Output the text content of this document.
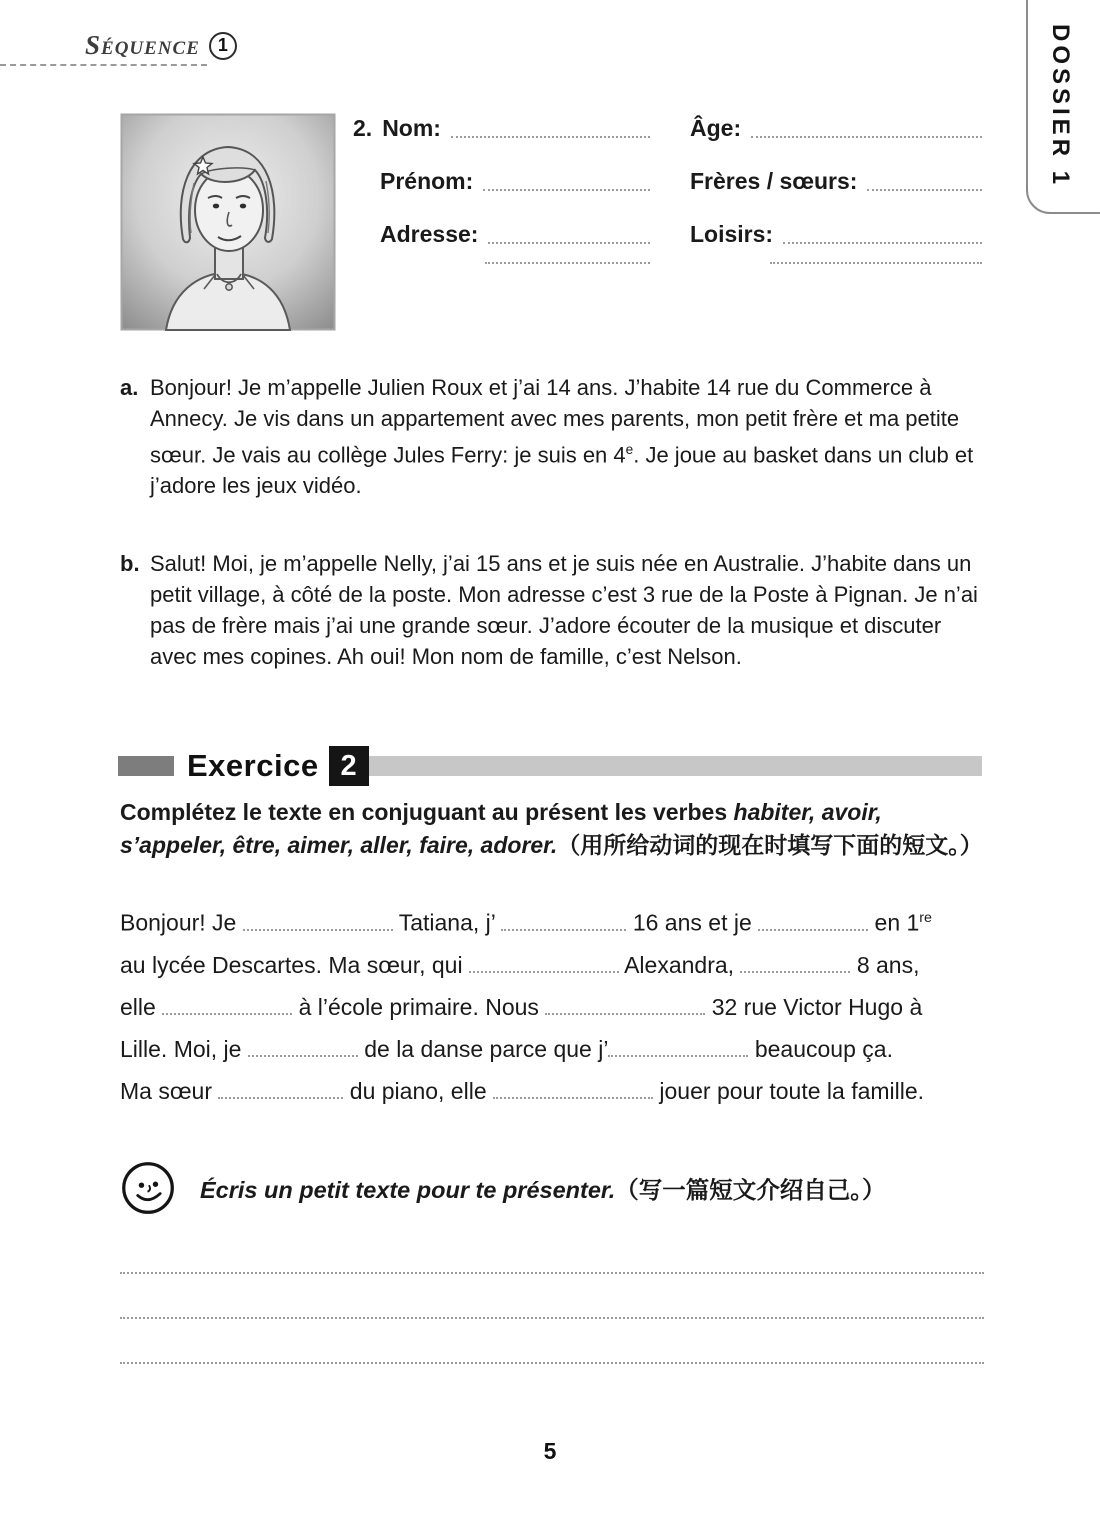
Séquence 1	DOSSIER 1
2. Nom:	Âge:
Prénom:	Frères / sœurs:
Adresse:	Loisirs:
a. Bonjour! Je m’appelle Julien Roux et j’ai 14 ans. J’habite 14 rue du Commerce à Annecy. Je vis dans un appartement avec mes parents, mon petit frère et ma petite sœur. Je vais au collège Jules Ferry: je suis en 4e. Je joue au basket dans un club et j’adore les jeux vidéo.
b. Salut! Moi, je m’appelle Nelly, j’ai 15 ans et je suis née en Australie. J’habite dans un petit village, à côté de la poste. Mon adresse c’est 3 rue de la Poste à Pignan. Je n’ai pas de frère mais j’ai une grande sœur. J’adore écouter de la musique et discuter avec mes copines. Ah oui! Mon nom de famille, c’est Nelson.
Exercice 2
Complétez le texte en conjuguant au présent les verbes habiter, avoir, s’appeler, être, aimer, aller, faire, adorer.（用所给动词的现在时填写下面的短文。）
Bonjour! Je	Tatiana, j’	16 ans et je	en 1re
au lycée Descartes. Ma sœur, qui	Alexandra,	8 ans,
elle	à l’école primaire. Nous	32 rue Victor Hugo à
Lille. Moi, je	de la danse parce que j’	beaucoup ça.
Ma sœur	du piano, elle	jouer pour toute la famille.
Écris un petit texte pour te présenter.（写一篇短文介绍自己。）
5
